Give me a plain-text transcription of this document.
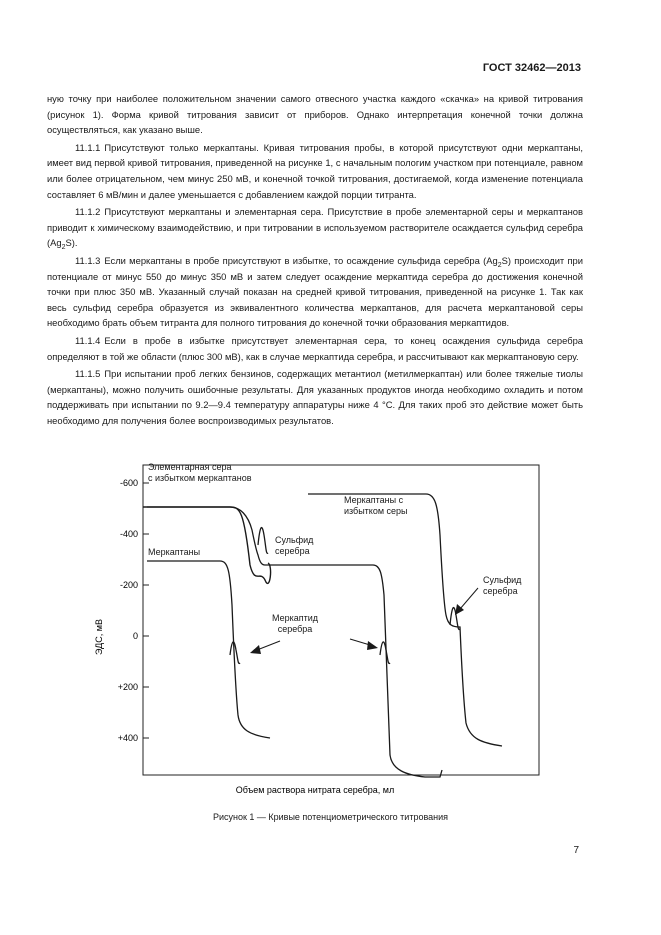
ГОСТ 32462—2013

ную точку при наиболее положительном значении самого отвесного участка каждого «скачка» на кривой титрования (рисунок 1). Форма кривой титрования зависит от приборов. Однако интерпретация конечной точки должна осуществляться, как указано выше.

11.1.1 Присутствуют только меркаптаны. Кривая титрования пробы, в которой присутствуют одни меркаптаны, имеет вид первой кривой титрования, приведенной на рисунке 1, с начальным пологим участком при потенциале, равном или более отрицательном, чем минус 250 мВ, и конечной точкой титрования, достигаемой, когда изменение потенциала составляет 6 мВ/мин и далее уменьшается с добавлением каждой порции титранта.

11.1.2 Присутствуют меркаптаны и элементарная сера. Присутствие в пробе элементарной серы и меркаптанов приводит к химическому взаимодействию, и при титровании в используемом растворителе осаждается сульфид серебра $(Ag_2S)$.

11.1.3 Если меркаптаны в пробе присутствуют в избытке, то осаждение сульфида серебра $(Ag_2S)$ происходит при потенциале от минус 550 до минус 350 мВ и затем следует осаждение меркаптида серебра до достижения конечной точки при плюс 350 мВ. Указанный случай показан на средней кривой титрования, приведенной на рисунке 1. Так как весь сульфид серебра образуется из эквивалентного количества меркаптанов, для расчета меркаптановой серы необходимо брать объем титранта для полного титрования до конечной точки образования меркаптидов.

11.1.4 Если в пробе в избытке присутствует элементарная сера, то конец осаждения сульфида серебра определяют в той же области (плюс 300 мВ), как в случае меркаптида серебра, и рассчитывают как меркаптановую серу.

11.1.5 При испытании проб легких бензинов, содержащих метантиол (метилмеркаптан) или более тяжелые тиолы (меркаптаны), можно получить ошибочные результаты. Для указанных продуктов иногда необходимо охладить и потом поддерживать при испытании по 9.2—9.4 температуру аппаратуры ниже 4 °С. Для таких проб это действие может быть необходимо для получения более воспроизводимых результатов.

-600
-400
-200
0
+200
+400
ЭДС, мВ
Объем раствора нитрата серебра, мл
Элементарная сера с избытком меркаптанов
Меркаптаны
Меркаптаны с избытком серы
Сульфид серебра
Сульфид серебра
Меркаптид серебра
Рисунок 1 — Кривые потенциометрического титрования
7
